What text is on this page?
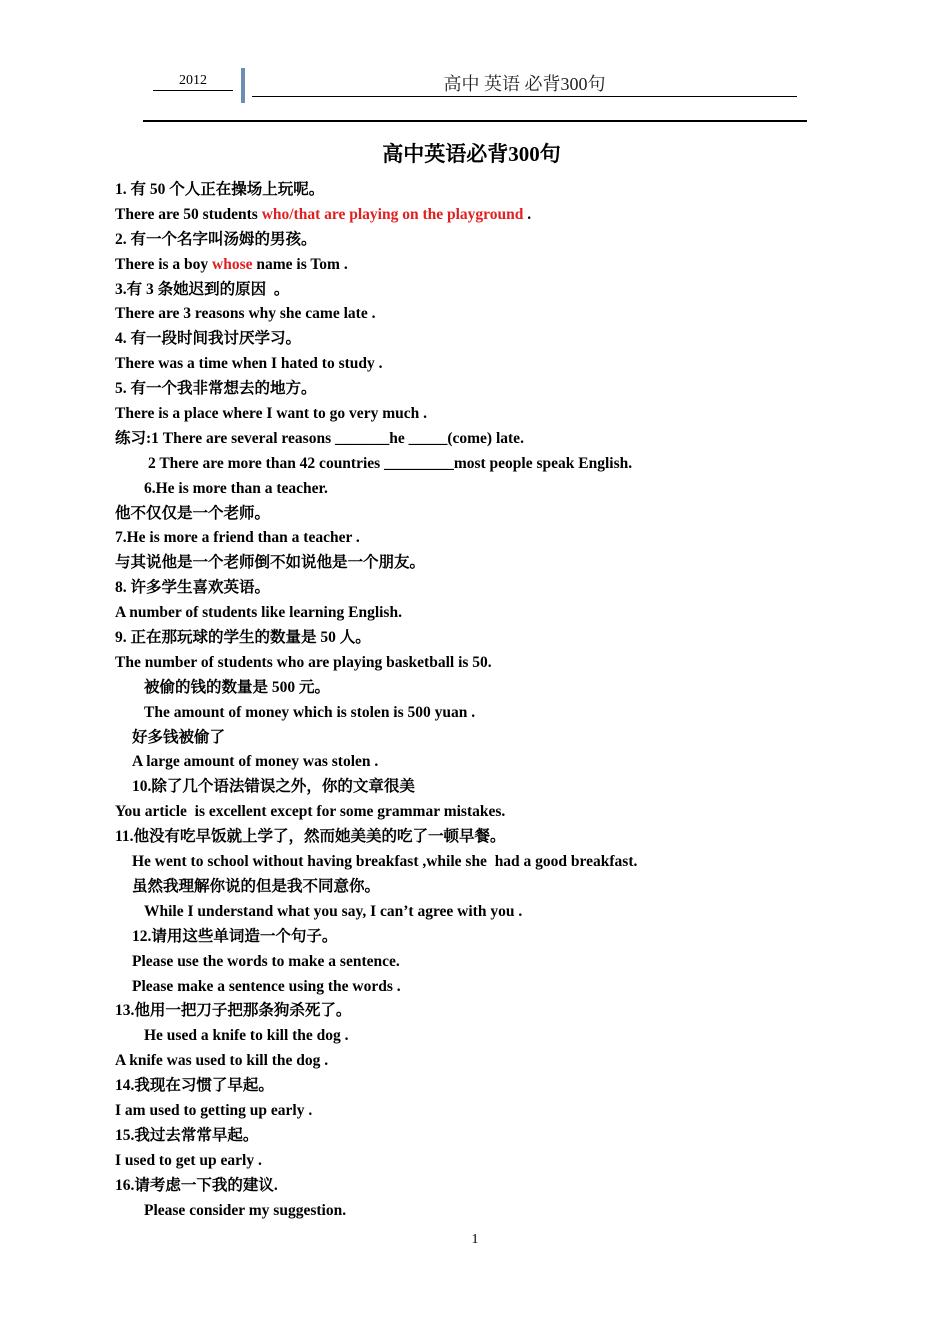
2012	高中 英语 必背300句
高中英语必背300句
1. 有 50 个人正在操场上玩呢。
There are 50 students who/that are playing on the playground .
2. 有一个名字叫汤姆的男孩。
There is a boy whose name is Tom .
3.有 3 条她迟到的原因  。
There are 3 reasons why she came late .
4. 有一段时间我讨厌学习。
There was a time when I hated to study .
5. 有一个我非常想去的地方。
There is a place where I want to go very much .
练习:1 There are several reasons _______he _____(come) late.
2 There are more than 42 countries _________most people speak English.
6.He is more than a teacher.
他不仅仅是一个老师。
7.He is more a friend than a teacher .
与其说他是一个老师倒不如说他是一个朋友。
8. 许多学生喜欢英语。
A number of students like learning English.
9. 正在那玩球的学生的数量是 50 人。
The number of students who are playing basketball is 50.
被偷的钱的数量是 500 元。
The amount of money which is stolen is 500 yuan .
好多钱被偷了
A large amount of money was stolen .
10.除了几个语法错误之外，你的文章很美
You article  is excellent except for some grammar mistakes.
11.他没有吃早饭就上学了，然而她美美的吃了一顿早餐。
He went to school without having breakfast ,while she  had a good breakfast.
虽然我理解你说的但是我不同意你。
While I understand what you say, I can’t agree with you .
12.请用这些单词造一个句子。
Please use the words to make a sentence.
Please make a sentence using the words .
13.他用一把刀子把那条狗杀死了。
He used a knife to kill the dog .
A knife was used to kill the dog .
14.我现在习惯了早起。
I am used to getting up early .
15.我过去常常早起。
I used to get up early .
16.请考虑一下我的建议.
Please consider my suggestion.
1
